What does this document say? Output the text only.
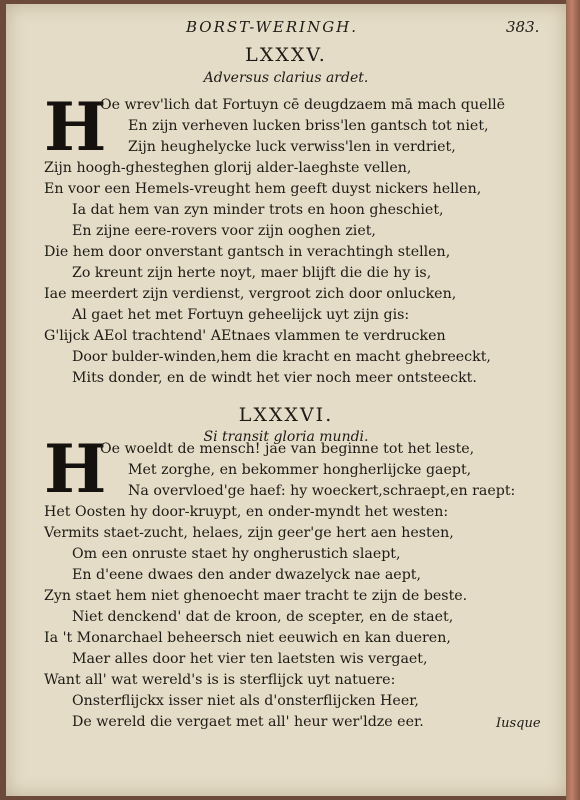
BORST-WERINGH.	383.
LXXXV.
Adversus clarius ardet.
H
Oe wrev'lich dat Fortuyn cē deugdzaem mā mach quellē
En zijn verheven lucken briss'len gantsch tot niet,
Zijn heughelycke luck verwiss'len in verdriet,
Zijn hoogh-ghesteghen glorij alder-laeghste vellen,
En voor een Hemels-vreught hem geeft duyst nickers hellen,
Ia dat hem van zyn minder trots en hoon gheschiet,
En zijne eere-rovers voor zijn ooghen ziet,
Die hem door onverstant gantsch in verachtingh stellen,
Zo kreunt zijn herte noyt, maer blijft die die hy is,
Iae meerdert zijn verdienst, vergroot zich door onlucken,
Al gaet het met Fortuyn geheelijck uyt zijn gis:
G'lijck AEol trachtend' AEtnaes vlammen te verdrucken
Door bulder-winden,hem die kracht en macht ghebreeckt,
Mits donder, en de windt het vier noch meer ontsteeckt.
LXXXVI.
Si transit gloria mundi.
H
Oe woeldt de mensch! jae van beginne tot het leste,
Met zorghe, en bekommer hongherlijcke gaept,
Na overvloed'ge haef: hy woeckert,schraept,en raept:
Het Oosten hy door-kruypt, en onder-myndt het westen:
Vermits staet-zucht, helaes, zijn geer'ge hert aen hesten,
Om een onruste staet hy ongherustich slaept,
En d'eene dwaes den ander dwazelyck nae aept,
Zyn staet hem niet ghenoecht maer tracht te zijn de beste.
Niet denckend' dat de kroon, de scepter, en de staet,
Ia 't Monarchael beheersch niet eeuwich en kan dueren,
Maer alles door het vier ten laetsten wis vergaet,
Want all' wat wereld's is is sterflijck uyt natuere:
Onsterflijckx isser niet als d'onsterflijcken Heer,
De wereld die vergaet met all' heur wer'ldze eer.	Iusque
